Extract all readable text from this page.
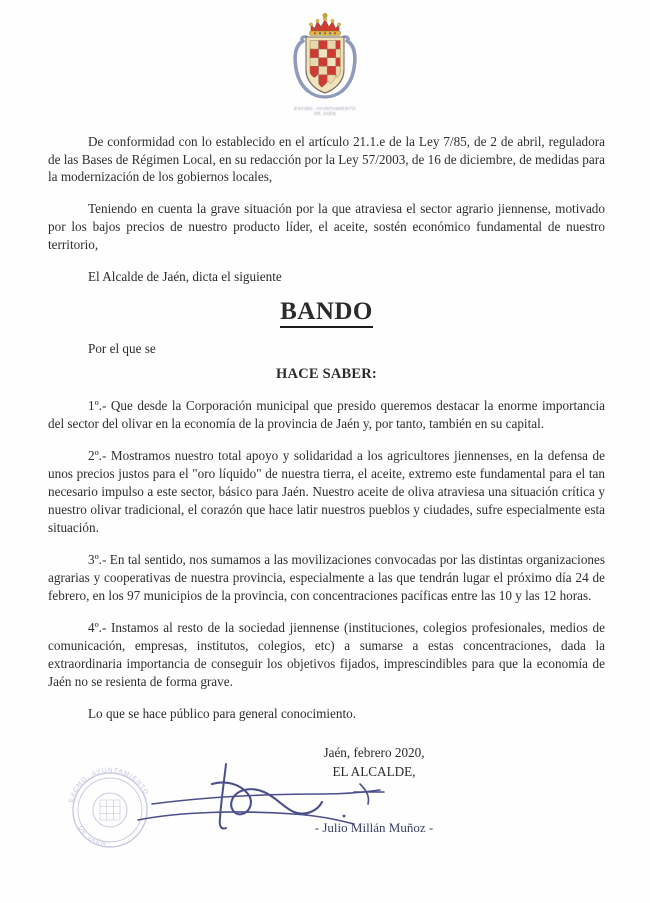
EXCMO. AYUNTAMIENTO
DE JAÉN

De conformidad con lo establecido en el artículo 21.1.e de la Ley 7/85, de 2 de abril, reguladora de las Bases de Régimen Local, en su redacción por la Ley 57/2003, de 16 de diciembre, de medidas para la modernización de los gobiernos locales,

Teniendo en cuenta la grave situación por la que atraviesa el sector agrario jiennense, motivado por los bajos precios de nuestro producto líder, el aceite, sostén económico fundamental de nuestro territorio,

El Alcalde de Jaén, dicta el siguiente

BANDO

Por el que se

HACE SABER:

1º.- Que desde la Corporación municipal que presido queremos destacar la enorme importancia del sector del olivar en la economía de la provincia de Jaén y, por tanto, también en su capital.

2º.- Mostramos nuestro total apoyo y solidaridad a los agricultores jiennenses, en la defensa de unos precios justos para el "oro líquido" de nuestra tierra, el aceite, extremo este fundamental para el tan necesario impulso a este sector, básico para Jaén. Nuestro aceite de oliva atraviesa una situación crítica y nuestro olivar tradicional, el corazón que hace latir nuestros pueblos y ciudades, sufre especialmente esta situación.

3º.- En tal sentido, nos sumamos a las movilizaciones convocadas por las distintas organizaciones agrarias y cooperativas de nuestra provincia, especialmente a las que tendrán lugar el próximo día 24 de febrero, en los 97 municipios de la provincia, con concentraciones pacíficas entre las 10 y las 12 horas.

4º.- Instamos al resto de la sociedad jiennense (instituciones, colegios profesionales, medios de comunicación, empresas, institutos, colegios, etc) a sumarse a estas concentraciones, dada la extraordinaria importancia de conseguir los objetivos fijados, imprescindibles para que la economía de Jaén no se resienta de forma grave.

Lo que se hace público para general conocimiento.

Jaén, febrero 2020,
EL ALCALDE,
EXCMO. AYUNTAMIENTO
DE JAÉN
- Julio Millán Muñoz -
